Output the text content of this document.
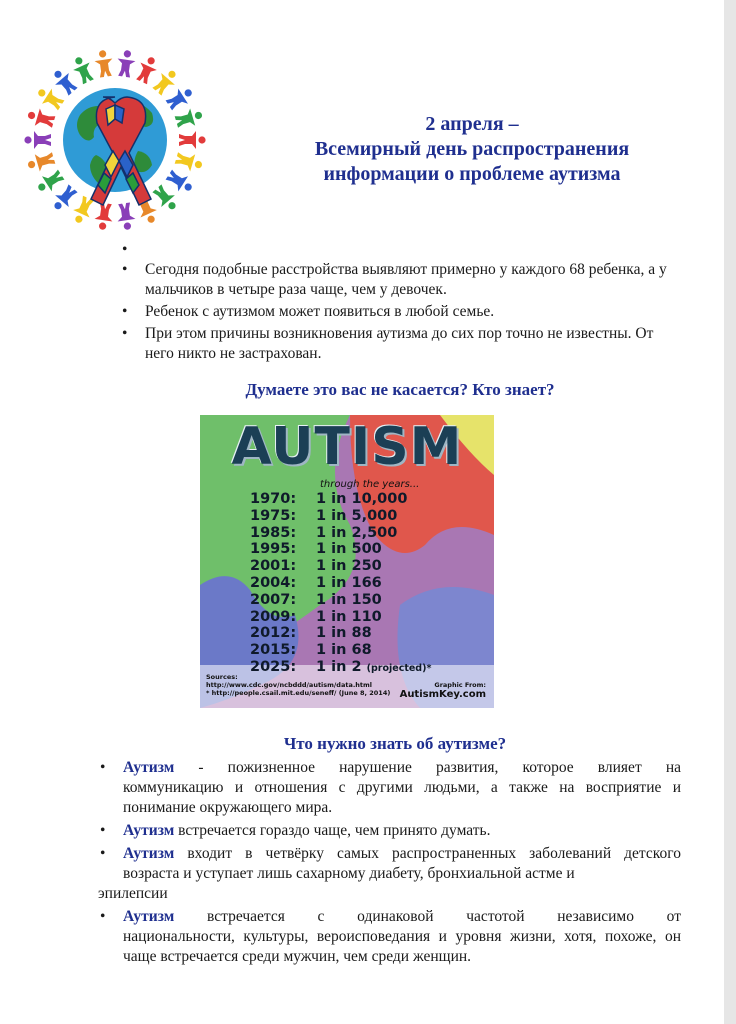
2 апреля –
Всемирный день распространения
информации о проблеме аутизма
•
• Сегодня подобные расстройства выявляют примерно у каждого 68 ребенка, а у мальчиков в четыре раза чаще, чем у девочек.
• Ребенок с аутизмом может появиться в любой семье.
• При этом причины возникновения аутизма до сих пор точно не известны. От него никто не застрахован.
Думаете это вас не касается? Кто знает?
AUTISM
through the years...
1970: 1 in 10,000
1975: 1 in 5,000
1985: 1 in 2,500
1995: 1 in 500
2001: 1 in 250
2004: 1 in 166
2007: 1 in 150
2009: 1 in 110
2012: 1 in 88
2015: 1 in 68
2025: 1 in 2 (projected)*
Sources:
http://www.cdc.gov/ncbddd/autism/data.html
* http://people.csail.mit.edu/seneff/ (June 8, 2014)
Graphic From:
AutismKey.com
Что нужно знать об аутизме?
• Аутизм - пожизненное нарушение развития, которое влияет на
коммуникацию и отношения с другими людьми, а также на восприятие и понимание окружающего мира.
• Аутизм встречается гораздо чаще, чем принято думать.
• Аутизм входит в четвёрку самых распространенных заболеваний детского
возраста и уступает лишь сахарному диабету, бронхиальной астме и
эпилепсии
• Аутизм встречается с одинаковой частотой независимо от
национальности, культуры, вероисповедания и уровня жизни, хотя, похоже, он чаще встречается среди мужчин, чем среди женщин.
